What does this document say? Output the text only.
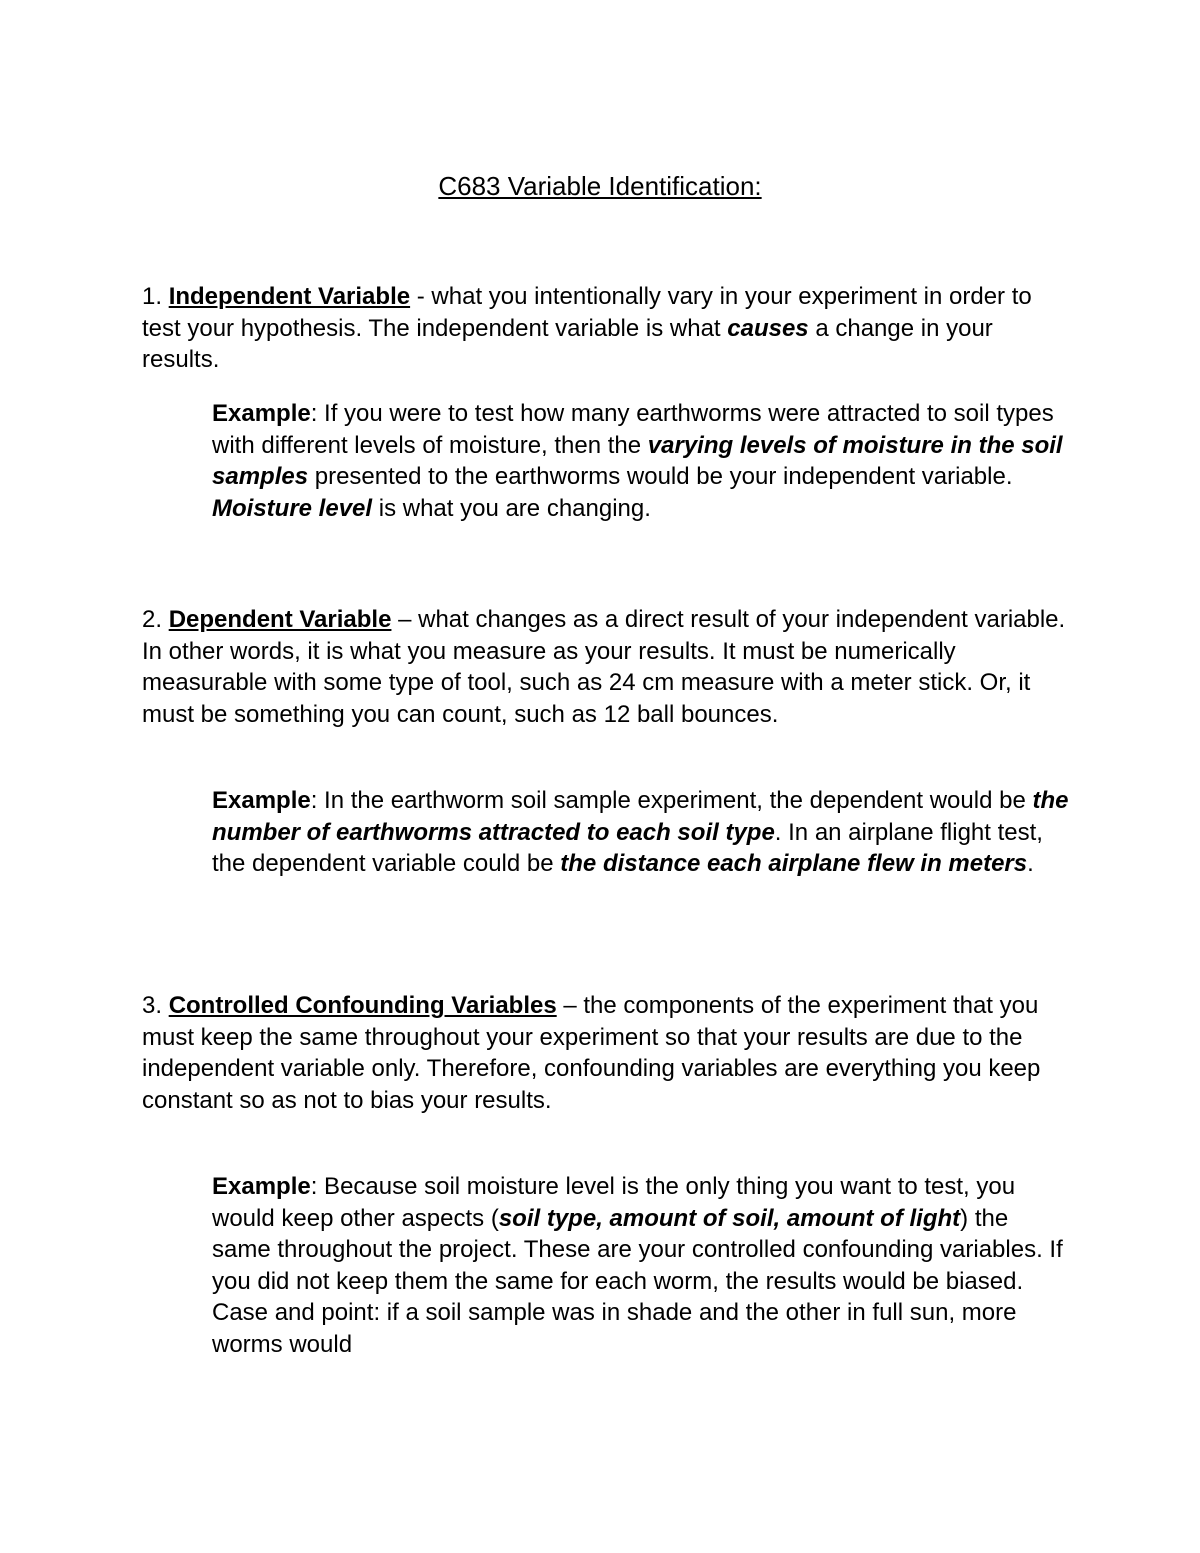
C683 Variable Identification:

1. Independent Variable - what you intentionally vary in your experiment in order to test your hypothesis. The independent variable is what causes a change in your results.

Example: If you were to test how many earthworms were attracted to soil types with different levels of moisture, then the varying levels of moisture in the soil samples presented to the earthworms would be your independent variable. Moisture level is what you are changing.

2. Dependent Variable – what changes as a direct result of your independent variable. In other words, it is what you measure as your results. It must be numerically measurable with some type of tool, such as 24 cm measure with a meter stick. Or, it must be something you can count, such as 12 ball bounces.

Example: In the earthworm soil sample experiment, the dependent would be the number of earthworms attracted to each soil type. In an airplane flight test, the dependent variable could be the distance each airplane flew in meters.

3. Controlled Confounding Variables – the components of the experiment that you must keep the same throughout your experiment so that your results are due to the independent variable only. Therefore, confounding variables are everything you keep constant so as not to bias your results.

Example: Because soil moisture level is the only thing you want to test, you would keep other aspects (soil type, amount of soil, amount of light) the same throughout the project. These are your controlled confounding variables. If you did not keep them the same for each worm, the results would be biased. Case and point: if a soil sample was in shade and the other in full sun, more worms would
